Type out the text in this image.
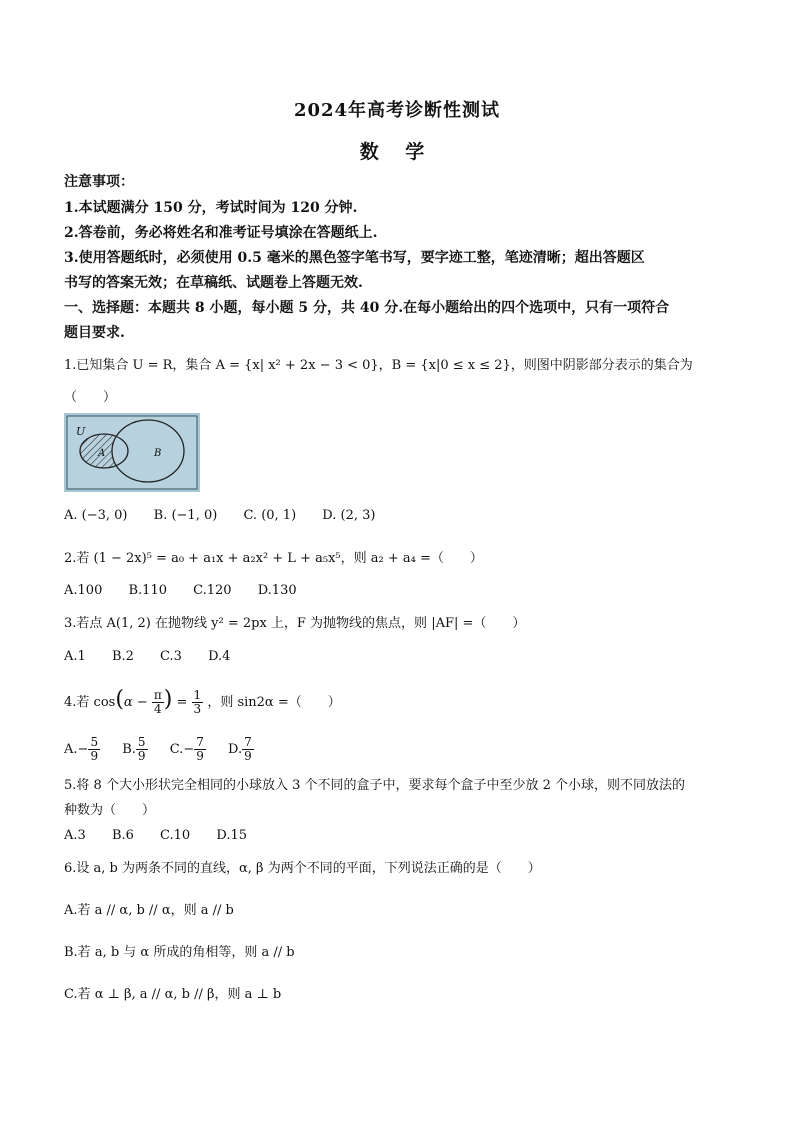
2024年高考诊断性测试
数 学
注意事项：
1.本试题满分 150 分，考试时间为 120 分钟.
2.答卷前，务必将姓名和准考证号填涂在答题纸上.
3.使用答题纸时，必须使用 0.5 毫米的黑色签字笔书写，要字迹工整，笔迹清晰；超出答题区
书写的答案无效；在草稿纸、试题卷上答题无效.
一、选择题：本题共 8 小题，每小题 5 分，共 40 分.在每小题给出的四个选项中，只有一项符合
题目要求.
1.已知集合 U = R，集合 A = {x| x² + 2x − 3 < 0}，B = {x|0 ≤ x ≤ 2}，则图中阴影部分表示的集合为
（　　）
U
A	B
A. (−3, 0) B. (−1, 0) C. (0, 1) D. (2, 3)
2.若 (1 − 2x)⁵ = a₀ + a₁x + a₂x² + L + a₅x⁵，则 a₂ + a₄ =（　　）
A.100 B.110 C.120 D.130
3.若点 A(1, 2) 在抛物线 y² = 2px 上，F 为抛物线的焦点，则 |AF| =（　　）
A.1 B.2 C.3 D.4
4.若 $\cos(\alpha - \frac{\pi}{4}$ ) = $\frac{1}{3}$ ，则 sin2α =（　　）
$A.- \frac{5}{9} B$. $\frac{5}{9} C.- \frac{7}{9} D$. $\frac{7}{9}$
5.将 8 个大小形状完全相同的小球放入 3 个不同的盒子中，要求每个盒子中至少放 2 个小球，则不同放法的
种数为（　　）
A.3 B.6 C.10 D.15
6.设 a, b 为两条不同的直线，α, β 为两个不同的平面，下列说法正确的是（　　）
A.若 a // α, b // α，则 a // b
B.若 a, b 与 α 所成的角相等，则 a // b
C.若 α ⊥ β, a // α, b // β，则 a ⊥ b
